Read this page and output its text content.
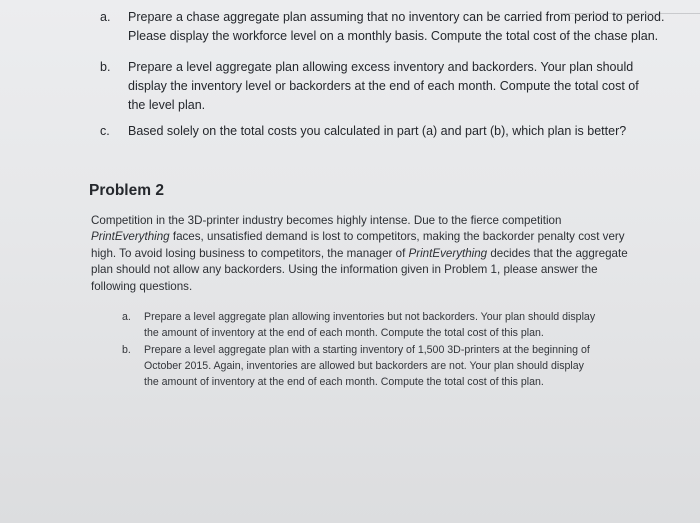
a.	Prepare a chase aggregate plan assuming that no inventory can be carried from period to period.
Please display the workforce level on a monthly basis. Compute the total cost of the chase plan.
b.	Prepare a level aggregate plan allowing excess inventory and backorders. Your plan should
display the inventory level or backorders at the end of each month. Compute the total cost of
the level plan.
c.	Based solely on the total costs you calculated in part (a) and part (b), which plan is better?
Problem 2
Competition in the 3D-printer industry becomes highly intense. Due to the fierce competition
PrintEverything faces, unsatisfied demand is lost to competitors, making the backorder penalty cost very
high. To avoid losing business to competitors, the manager of PrintEverything decides that the aggregate
plan should not allow any backorders. Using the information given in Problem 1, please answer the
following questions.
a.	Prepare a level aggregate plan allowing inventories but not backorders. Your plan should display
the amount of inventory at the end of each month. Compute the total cost of this plan.
b.	Prepare a level aggregate plan with a starting inventory of 1,500 3D-printers at the beginning of
October 2015. Again, inventories are allowed but backorders are not. Your plan should display
the amount of inventory at the end of each month. Compute the total cost of this plan.
